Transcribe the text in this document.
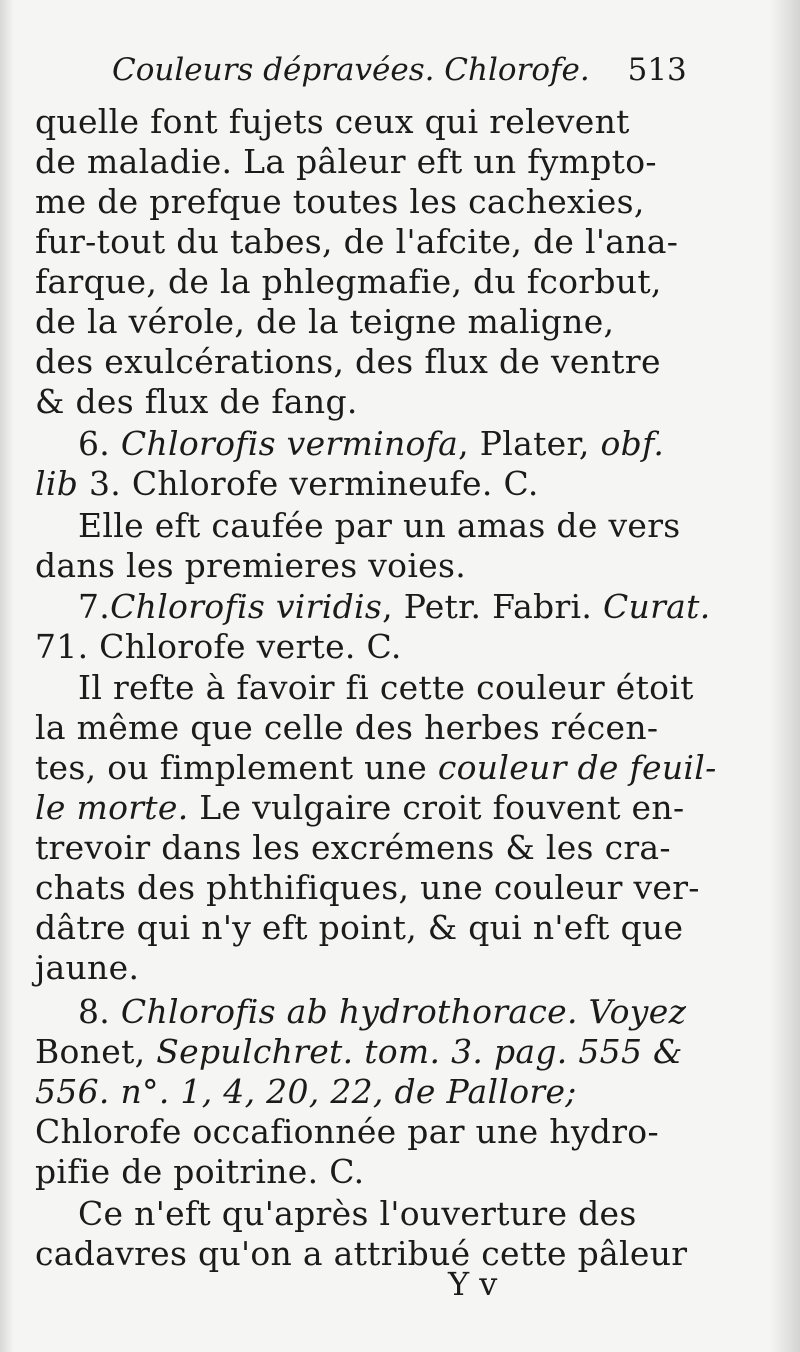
Couleurs dépravées. Chlorofe. 513
quelle font fujets ceux qui relevent
de maladie. La pâleur eft un fympto-
me de prefque toutes les cachexies,
fur-tout du tabes, de l'afcite, de l'ana-
farque, de la phlegmafie, du fcorbut,
de la vérole, de la teigne maligne,
des exulcérations, des flux de ventre
& des flux de fang.
6. Chlorofis verminofa, Plater, obf.
lib 3. Chlorofe vermineufe. C.
Elle eft caufée par un amas de vers
dans les premieres voies.
7.Chlorofis viridis, Petr. Fabri. Curat.
71. Chlorofe verte. C.
Il refte à favoir fi cette couleur étoit
la même que celle des herbes récen-
tes, ou fimplement une couleur de feuil-
le morte. Le vulgaire croit fouvent en-
trevoir dans les excrémens & les cra-
chats des phthifiques, une couleur ver-
dâtre qui n'y eft point, & qui n'eft que
jaune.
8. Chlorofis ab hydrothorace. Voyez
Bonet, Sepulchret. tom. 3. pag. 555 &
556. n°. 1, 4, 20, 22, de Pallore;
Chlorofe occafionnée par une hydro-
pifie de poitrine. C.
Ce n'eft qu'après l'ouverture des
cadavres qu'on a attribué cette pâleur
Y v
